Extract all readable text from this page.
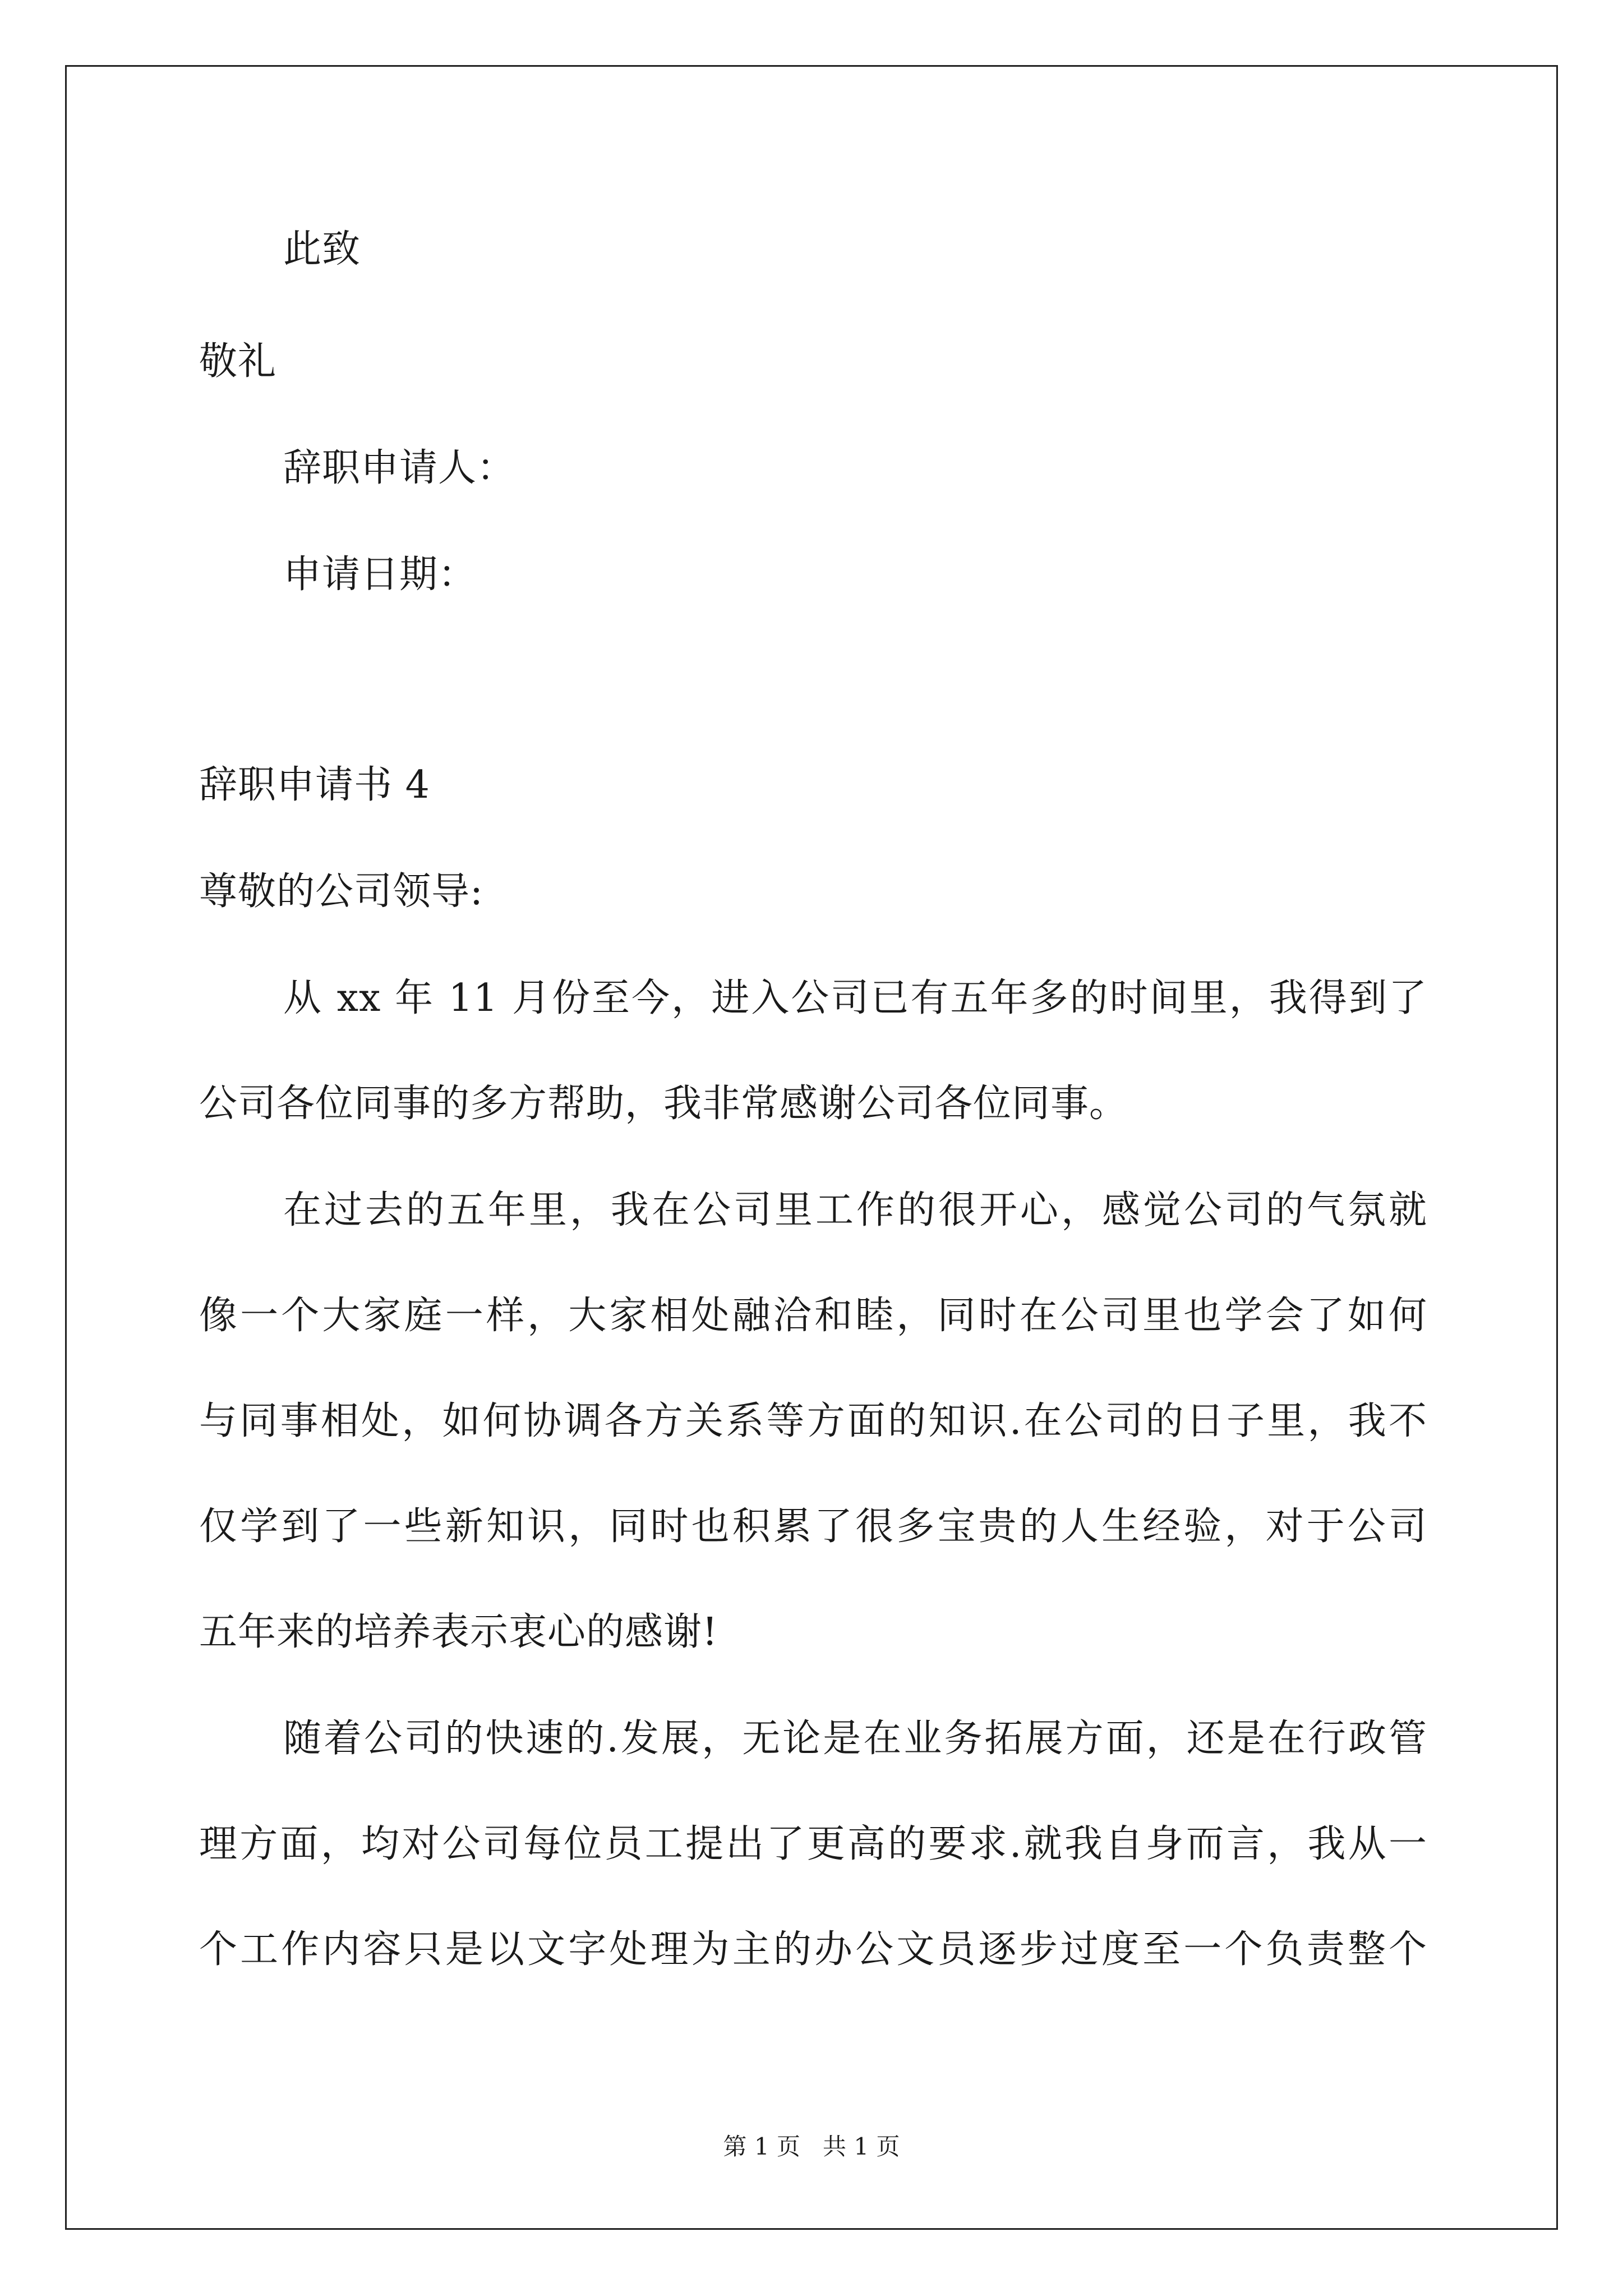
此致
敬礼
辞职申请人：
申请日期：
辞职申请书 4
尊敬的公司领导:
从 xx 年 11 月份至今，进入公司已有五年多的时间里，我得到了
公司各位同事的多方帮助，我非常感谢公司各位同事。
在过去的五年里，我在公司里工作的很开心，感觉公司的气氛就
像一个大家庭一样，大家相处融洽和睦，同时在公司里也学会了如何
与同事相处，如何协调各方关系等方面的知识.在公司的日子里，我不
仅学到了一些新知识，同时也积累了很多宝贵的人生经验，对于公司
五年来的培养表示衷心的感谢!
随着公司的快速的.发展，无论是在业务拓展方面，还是在行政管
理方面，均对公司每位员工提出了更高的要求.就我自身而言，我从一
个工作内容只是以文字处理为主的办公文员逐步过度至一个负责整个
第 1 页   共 1 页
